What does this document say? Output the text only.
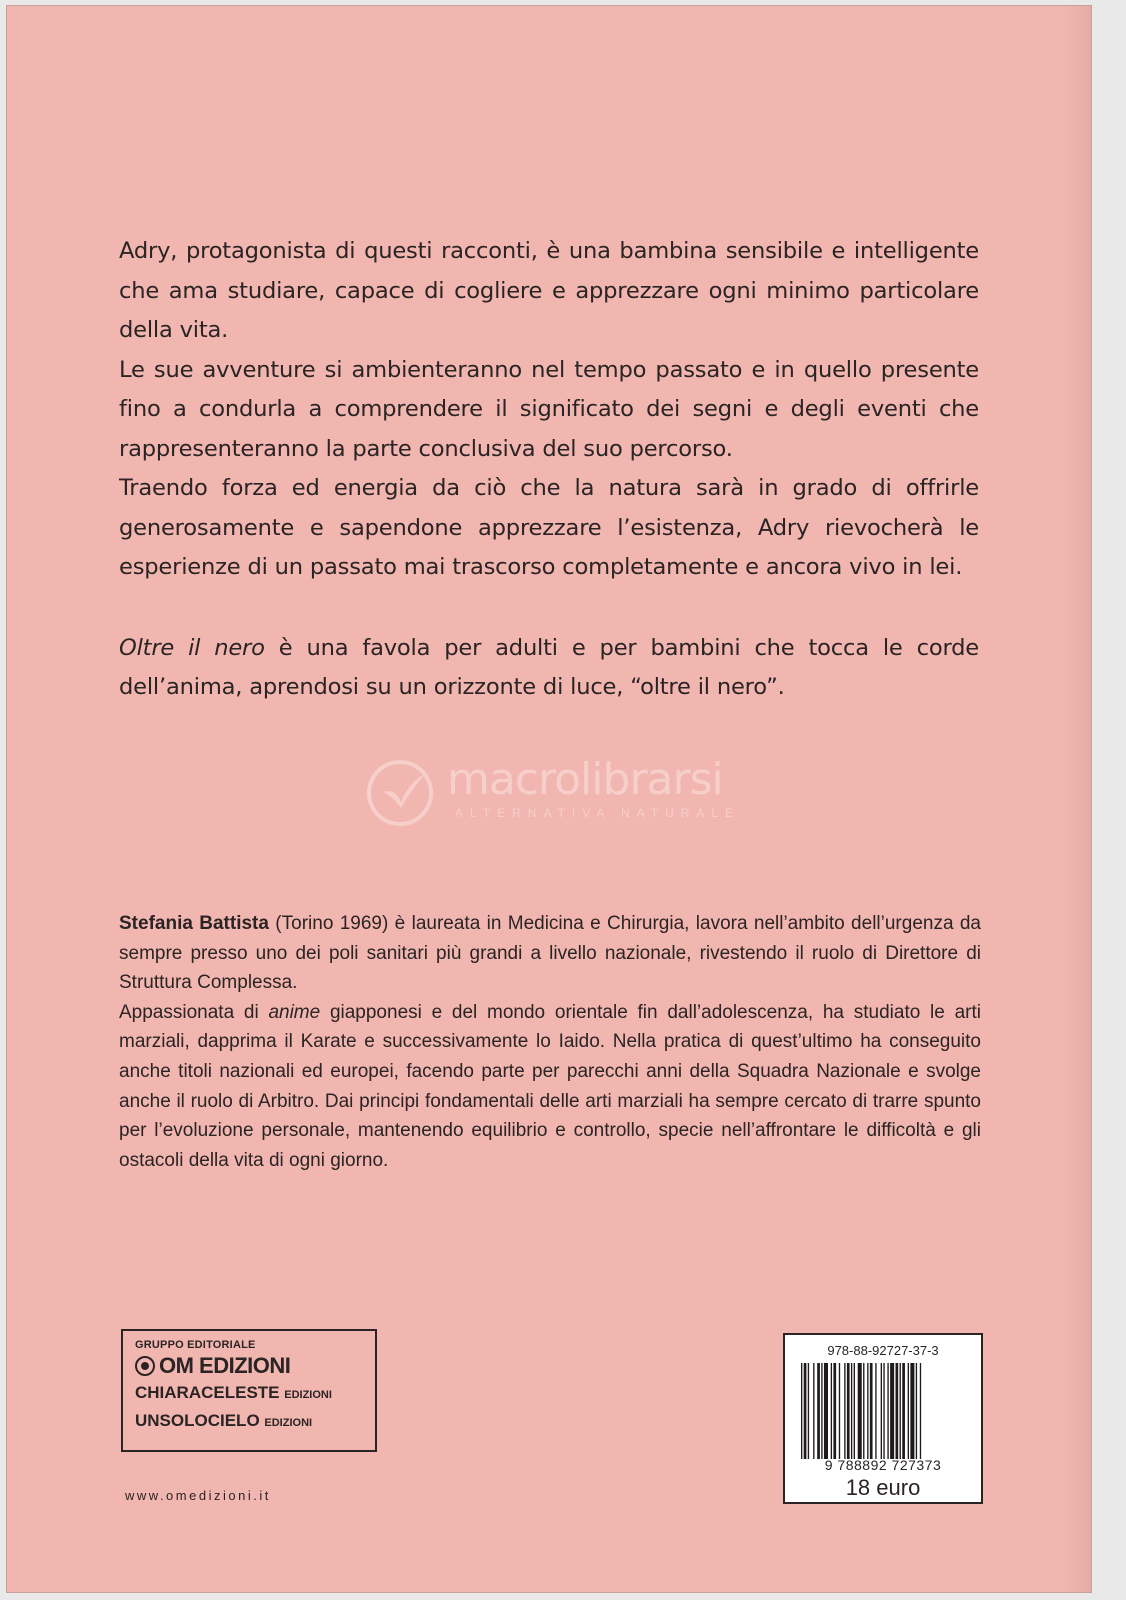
Adry, protagonista di questi racconti, è una bambina sensibile e intelligente che ama studiare, capace di cogliere e apprezzare ogni minimo particolare della vita.

Le sue avventure si ambienteranno nel tempo passato e in quello presente fino a condurla a comprendere il significato dei segni e degli eventi che rappresenteranno la parte conclusiva del suo percorso.

Traendo forza ed energia da ciò che la natura sarà in grado di offrirle generosamente e sapendone apprezzare l’esistenza, Adry rievocherà le esperienze di un passato mai trascorso completamente e ancora vivo in lei.

Oltre il nero è una favola per adulti e per bambini che tocca le corde dell’anima, aprendosi su un orizzonte di luce, “oltre il nero”.

macrolibrarsi
ALTERNATIVA NATURALE

Stefania Battista (Torino 1969) è laureata in Medicina e Chirurgia, lavora nell’ambito dell’urgenza da sempre presso uno dei poli sanitari più grandi a livello nazionale, rivestendo il ruolo di Direttore di Struttura Complessa.

Appassionata di anime giapponesi e del mondo orientale fin dall’adolescenza, ha studiato le arti marziali, dapprima il Karate e successivamente lo Iaido. Nella pratica di quest’ultimo ha conseguito anche titoli nazionali ed europei, facendo parte per parecchi anni della Squadra Nazionale e svolge anche il ruolo di Arbitro. Dai principi fondamentali delle arti marziali ha sempre cercato di trarre spunto per l’evoluzione personale, mantenendo equilibrio e controllo, specie nell’affrontare le difficoltà e gli ostacoli della vita di ogni giorno.

GRUPPO EDITORIALE
OM EDIZIONI
CHIARACELESTE EDIZIONI
UNSOLOCIELO EDIZIONI
www.omedizioni.it
978-88-92727-37-3
9 788892 727373
18 euro
